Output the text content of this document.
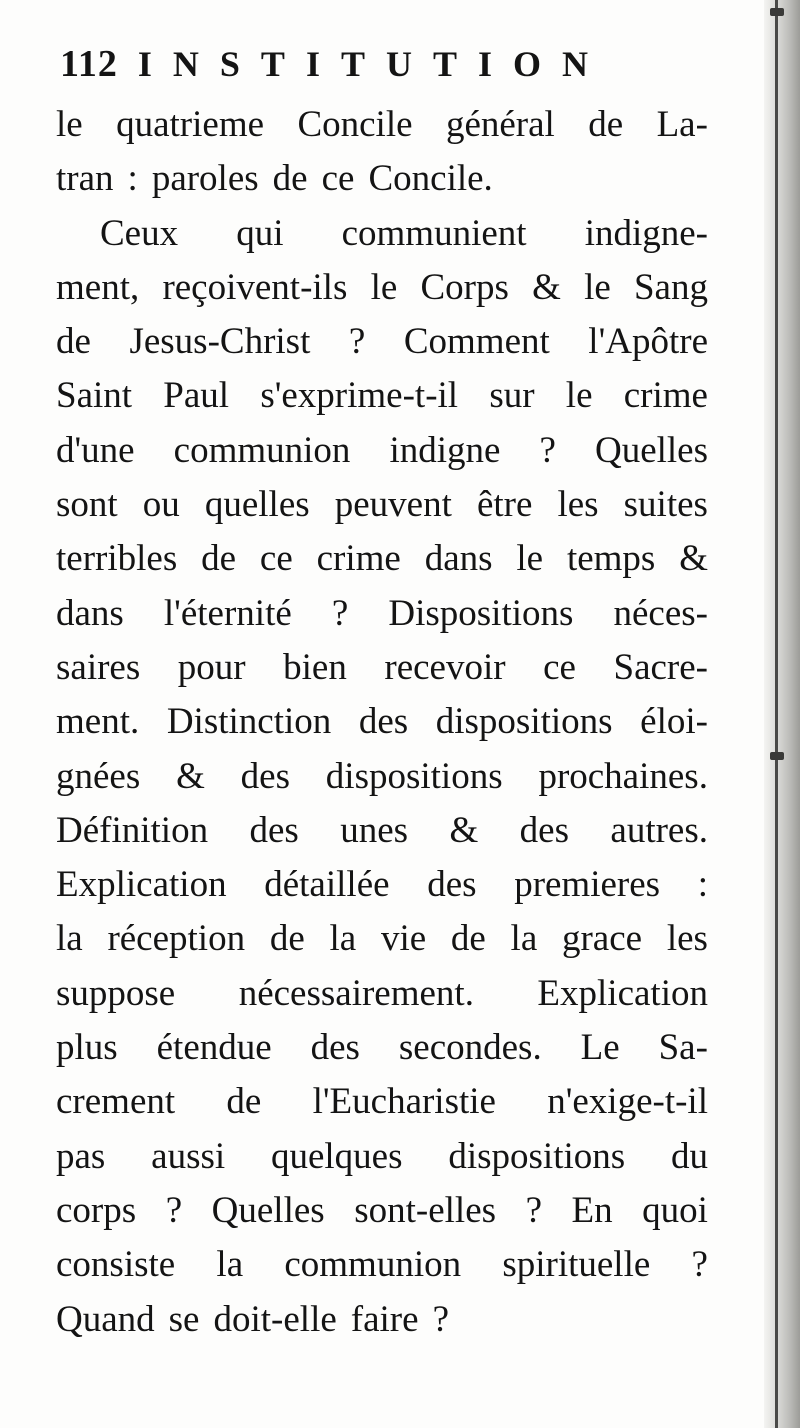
112 INSTITUTION
le quatrieme Concile général de La-
tran : paroles de ce Concile.
Ceux qui communient indigne-
ment, reçoivent-ils le Corps & le Sang
de Jesus-Christ ? Comment l'Apôtre
Saint Paul s'exprime-t-il sur le crime
d'une communion indigne ? Quelles
sont ou quelles peuvent être les suites
terribles de ce crime dans le temps &
dans l'éternité ? Dispositions néces-
saires pour bien recevoir ce Sacre-
ment. Distinction des dispositions éloi-
gnées & des dispositions prochaines.
Définition des unes & des autres.
Explication détaillée des premieres :
la réception de la vie de la grace les
suppose nécessairement. Explication
plus étendue des secondes. Le Sa-
crement de l'Eucharistie n'exige-t-il
pas aussi quelques dispositions du
corps ? Quelles sont-elles ? En quoi
consiste la communion spirituelle ?
Quand se doit-elle faire ?
